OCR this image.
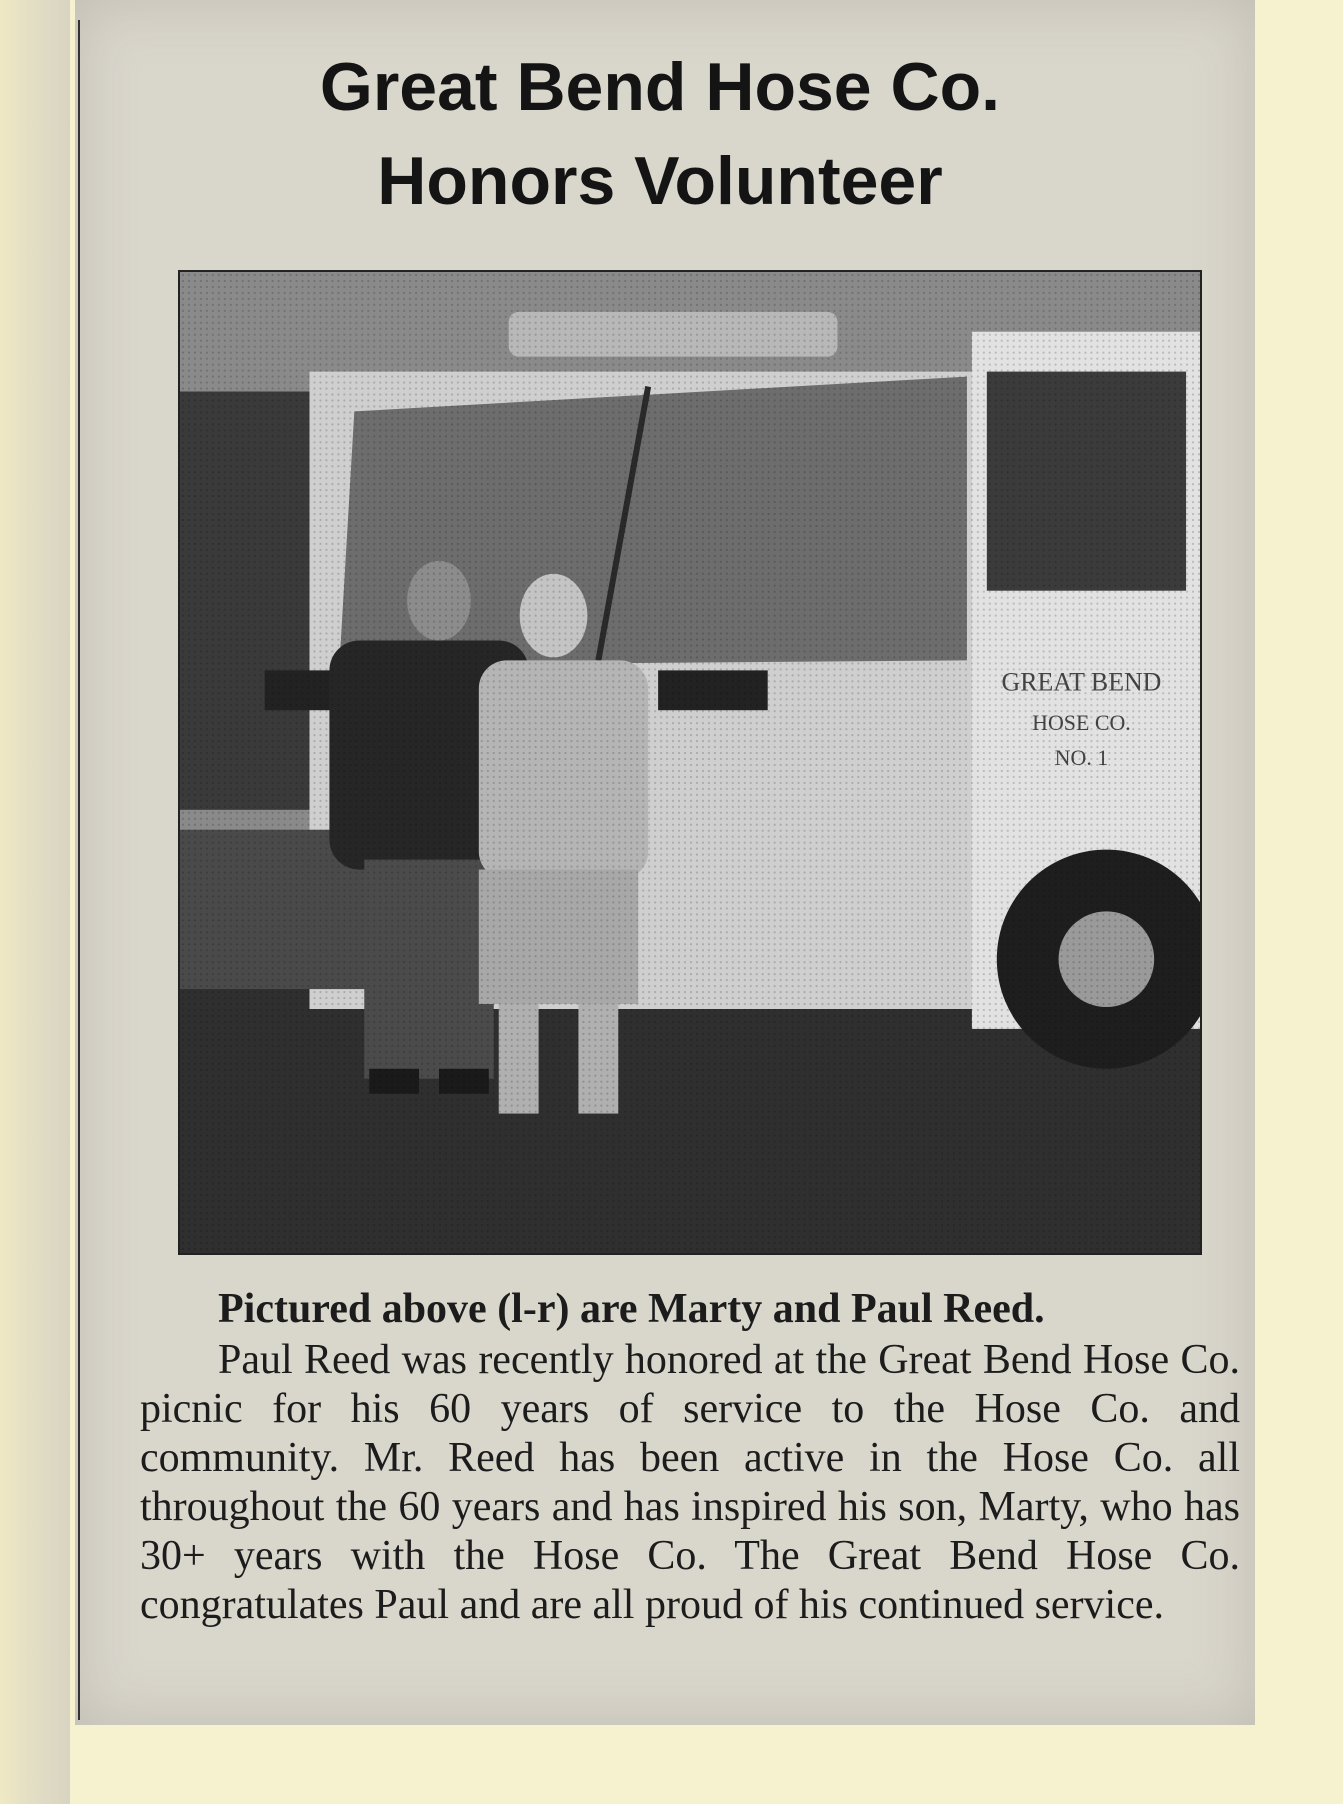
Great Bend Hose Co.
Honors Volunteer

Pictured above (l-r) are Marty and Paul Reed.
Paul Reed was recently honored at the Great Bend Hose Co. picnic for his 60 years of service to the Hose Co. and community. Mr. Reed has been active in the Hose Co. all throughout the 60 years and has inspired his son, Marty, who has 30+ years with the Hose Co. The Great Bend Hose Co. congratulates Paul and are all proud of his continued service.
